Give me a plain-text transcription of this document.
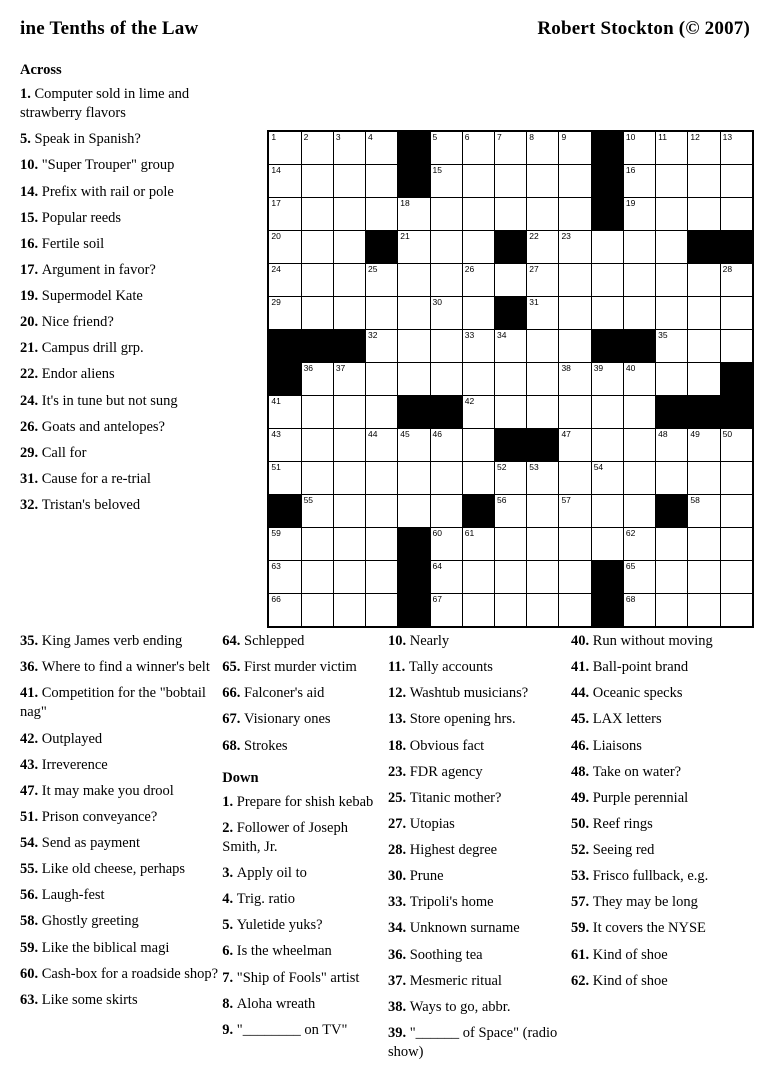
ine Tenths of the Law	Robert Stockton (© 2007)
Across
1. Computer sold in lime and strawberry flavors
5. Speak in Spanish?
10. "Super Trouper" group
14. Prefix with rail or pole
15. Popular reeds
16. Fertile soil
17. Argument in favor?
19. Supermodel Kate
20. Nice friend?
21. Campus drill grp.
22. Endor aliens
24. It's in tune but not sung
26. Goats and antelopes?
29. Call for
31. Cause for a re-trial
32. Tristan's beloved
1	2	3	4		5	6	7	8	9		10	11	12	13

14					15						16			

17				18							19			

20				21				22	23					

24			25			26		27						28

29					30			31						

			32			33	34					35		

	36	37							38	39	40			

41						42								

43			44	45	46				47			48	49	50

51							52	53		54				

	55						56		57				58	

59					60	61					62			

63					64						65			

66					67						68			

35. King James verb ending
36. Where to find a winner's belt
41. Competition for the "bobtail nag"
42. Outplayed
43. Irreverence
47. It may make you drool
51. Prison conveyance?
54. Send as payment
55. Like old cheese, perhaps
56. Laugh-fest
58. Ghostly greeting
59. Like the biblical magi
60. Cash-box for a roadside shop?
63. Like some skirts
64. Schlepped
65. First murder victim
66. Falconer's aid
67. Visionary ones
68. Strokes
Down
1. Prepare for shish kebab
2. Follower of Joseph Smith, Jr.
3. Apply oil to
4. Trig. ratio
5. Yuletide yuks?
6. Is the wheelman
7. "Ship of Fools" artist
8. Aloha wreath
9. "________ on TV"
10. Nearly
11. Tally accounts
12. Washtub musicians?
13. Store opening hrs.
18. Obvious fact
23. FDR agency
25. Titanic mother?
27. Utopias
28. Highest degree
30. Prune
33. Tripoli's home
34. Unknown surname
36. Soothing tea
37. Mesmeric ritual
38. Ways to go, abbr.
39. "______ of Space" (radio show)
40. Run without moving
41. Ball-point brand
44. Oceanic specks
45. LAX letters
46. Liaisons
48. Take on water?
49. Purple perennial
50. Reef rings
52. Seeing red
53. Frisco fullback, e.g.
57. They may be long
59. It covers the NYSE
61. Kind of shoe
62. Kind of shoe
